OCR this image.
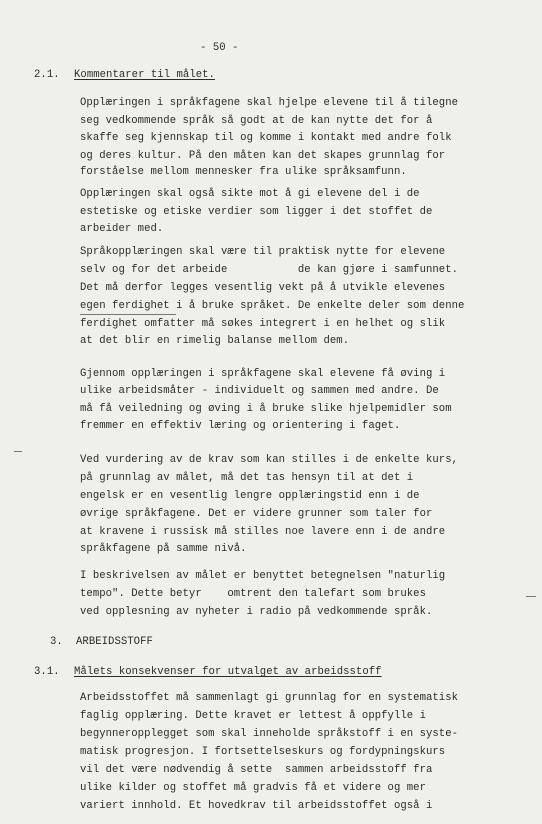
- 50 -
2.1. Kommentarer til målet.
Opplæringen i språkfagene skal hjelpe elevene til å tilegne
seg vedkommende språk så godt at de kan nytte det for å
skaffe seg kjennskap til og komme i kontakt med andre folk
og deres kultur. På den måten kan det skapes grunnlag for
forståelse mellom mennesker fra ulike språksamfunn.
Opplæringen skal også sikte mot å gi elevene del i de
estetiske og etiske verdier som ligger i det stoffet de
arbeider med.
Språkopplæringen skal være til praktisk nytte for elevene
selv og for det arbeide           de kan gjøre i samfunnet.
Det må derfor legges vesentlig vekt på å utvikle elevenes
egen ferdighet i å bruke språket. De enkelte deler som denne
ferdighet omfatter må søkes integrert i en helhet og slik
at det blir en rimelig balanse mellom dem.
Gjennom opplæringen i språkfagene skal elevene få øving i
ulike arbeidsmåter - individuelt og sammen med andre. De
må få veiledning og øving i å bruke slike hjelpemidler som
fremmer en effektiv læring og orientering i faget.
Ved vurdering av de krav som kan stilles i de enkelte kurs,
på grunnlag av målet, må det tas hensyn til at det i
engelsk er en vesentlig lengre opplæringstid enn i de
øvrige språkfagene. Det er videre grunner som taler for
at kravene i russisk må stilles noe lavere enn i de andre
språkfagene på samme nivå.
I beskrivelsen av målet er benyttet betegnelsen "naturlig
tempo". Dette betyr    omtrent den talefart som brukes
ved opplesning av nyheter i radio på vedkommende språk.
3. ARBEIDSSTOFF
3.1. Målets konsekvenser for utvalget av arbeidsstoff
Arbeidsstoffet må sammenlagt gi grunnlag for en systematisk
faglig opplæring. Dette kravet er lettest å oppfylle i
begynneropplegget som skal inneholde språkstoff i en syste-
matisk progresjon. I fortsettelseskurs og fordypningskurs
vil det være nødvendig å sette  sammen arbeidsstoff fra
ulike kilder og stoffet må gradvis få et videre og mer
variert innhold. Et hovedkrav til arbeidsstoffet også i
